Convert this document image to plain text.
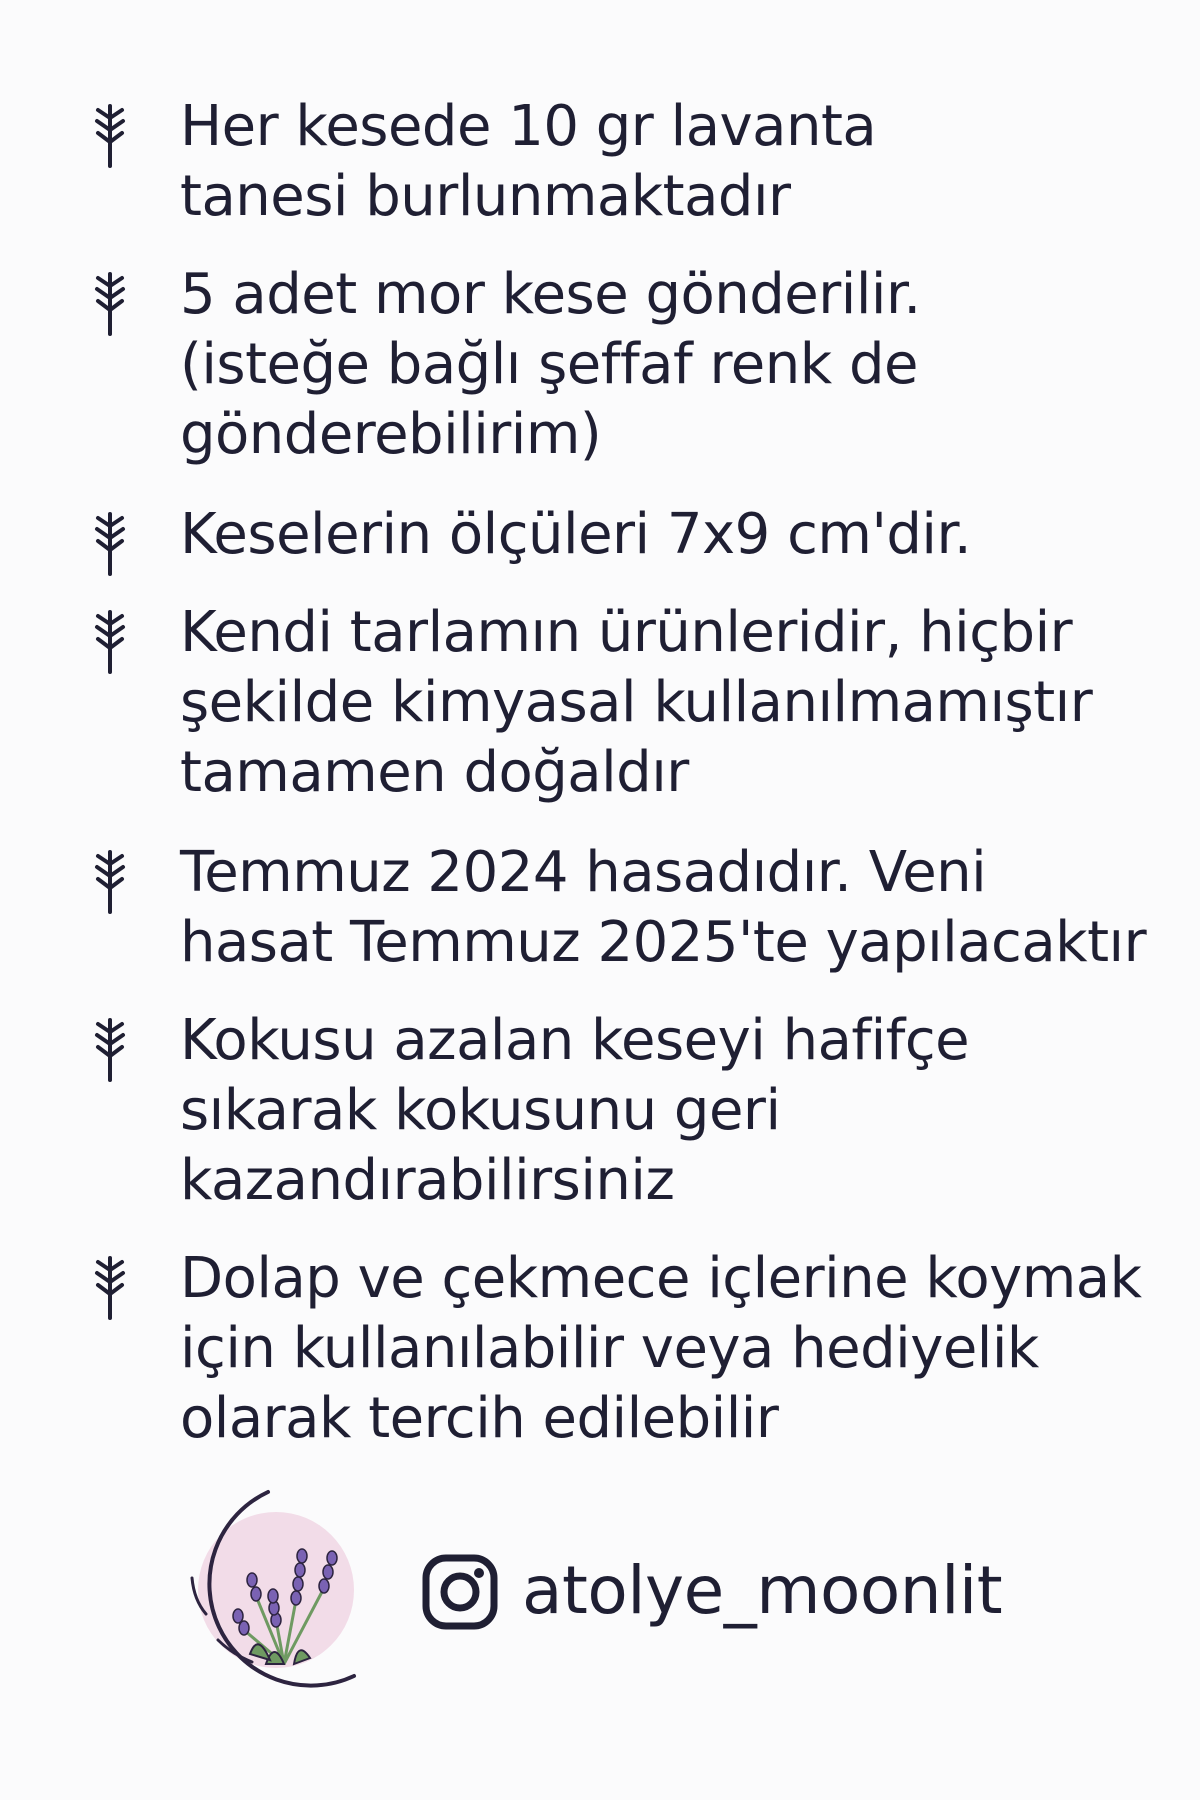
Her kesede 10 gr lavanta
tanesi burlunmaktadır
5 adet mor kese gönderilir.
(isteğe bağlı şeffaf renk de
gönderebilirim)
Keselerin ölçüleri 7x9 cm'dir.
Kendi tarlamın ürünleridir, hiçbir
şekilde kimyasal kullanılmamıştır
tamamen doğaldır
Temmuz 2024 hasadıdır. Veni
hasat Temmuz 2025'te yapılacaktır
Kokusu azalan keseyi hafifçe
sıkarak kokusunu geri
kazandırabilirsiniz
Dolap ve çekmece içlerine koymak
için kullanılabilir veya hediyelik
olarak tercih edilebilir
atolye_moonlit
